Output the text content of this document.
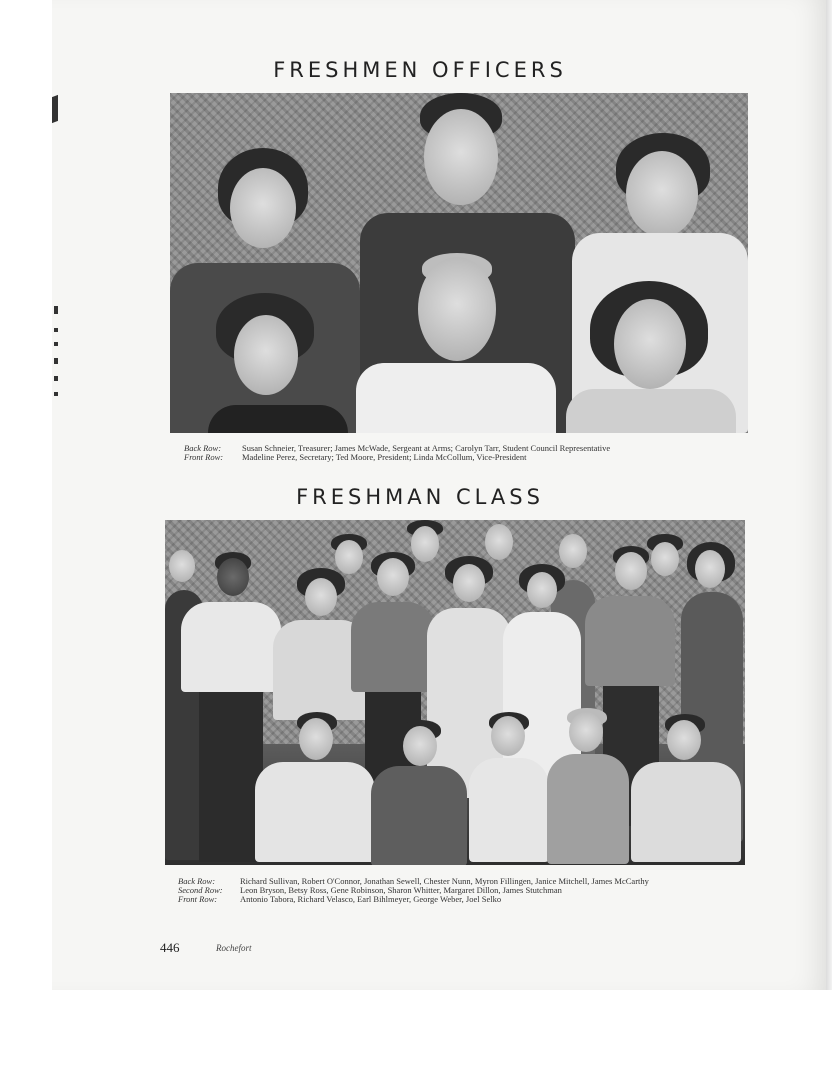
FRESHMEN OFFICERS
Back Row: Susan Schneier, Treasurer; James McWade, Sergeant at Arms; Carolyn Tarr, Student Council Representative
Front Row: Madeline Perez, Secretary; Ted Moore, President; Linda McCollum, Vice-President
FRESHMAN CLASS
Back Row:	Richard Sullivan, Robert O'Connor, Jonathan Sewell, Chester Nunn, Myron Fillingen, Janice Mitchell, James McCarthy
Second Row: Leon Bryson, Betsy Ross, Gene Robinson, Sharon Whitter, Margaret Dillon, James Stutchman
Front Row:	Antonio Tabora, Richard Velasco, Earl Bihlmeyer, George Weber, Joel Selko
446	Rochefort
